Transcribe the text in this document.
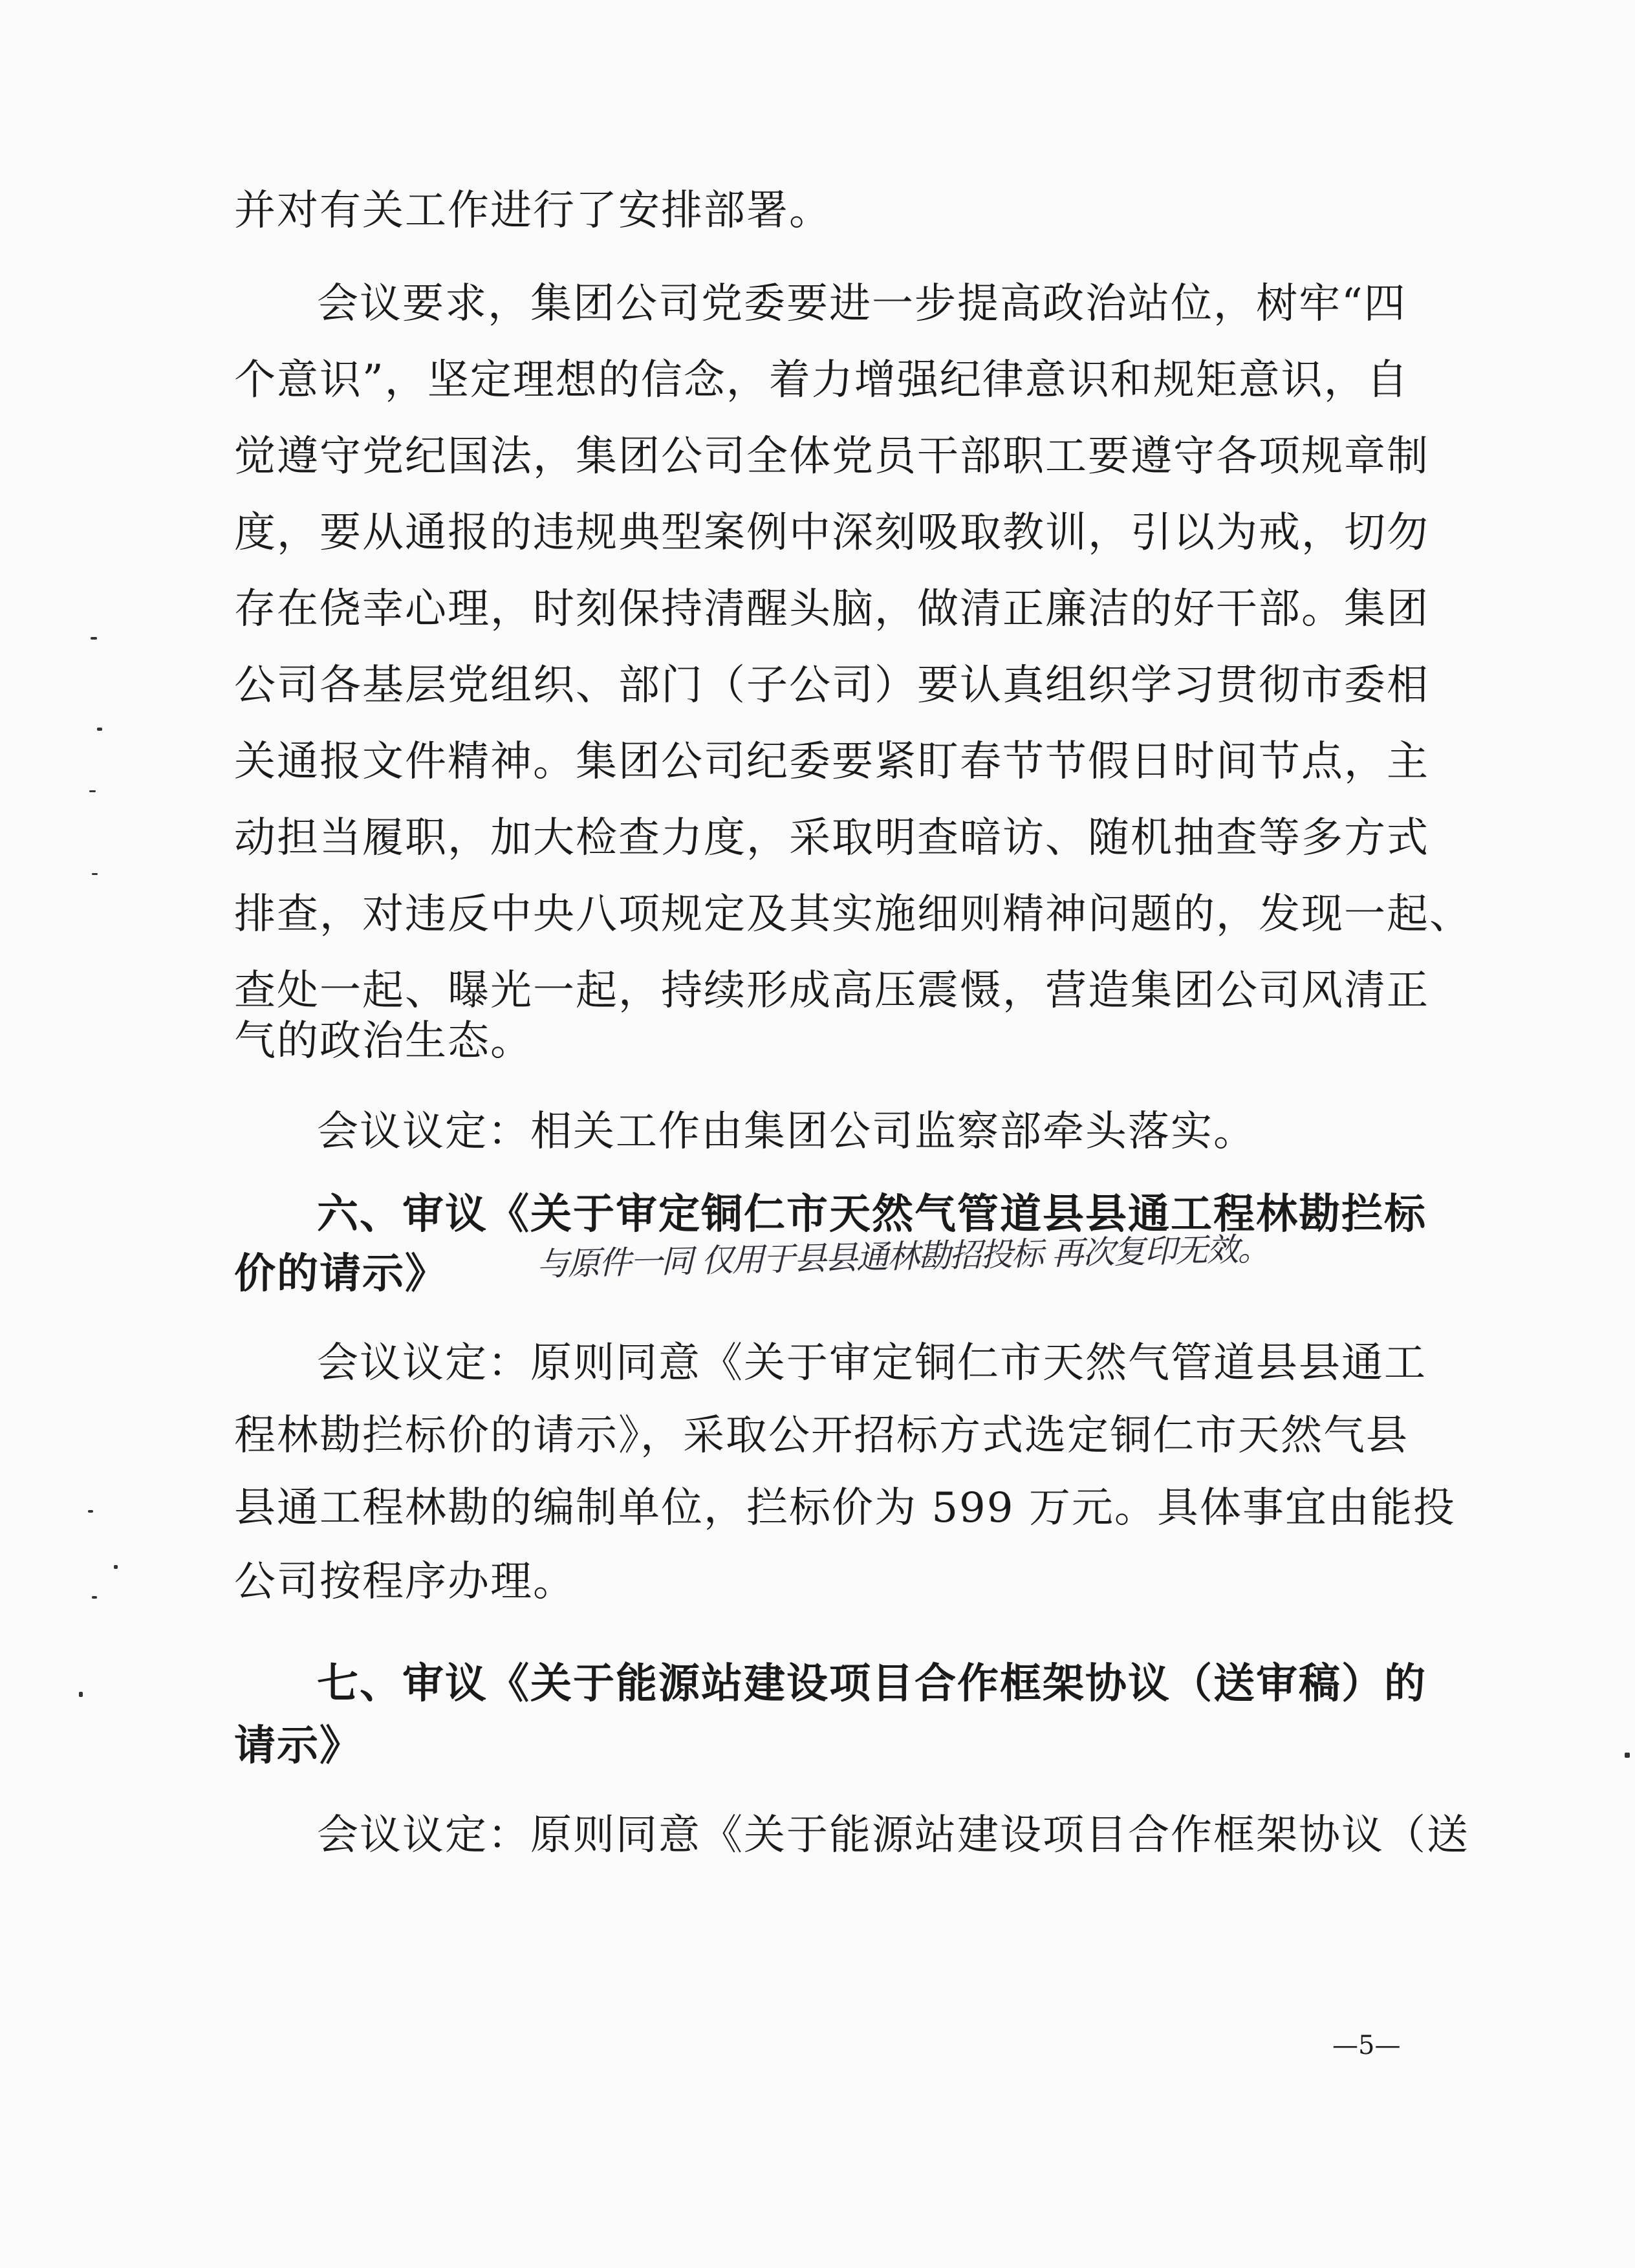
并对有关工作进行了安排部署。
会议要求，集团公司党委要进一步提高政治站位，树牢“四
个意识”，坚定理想的信念，着力增强纪律意识和规矩意识，自
觉遵守党纪国法，集团公司全体党员干部职工要遵守各项规章制
度，要从通报的违规典型案例中深刻吸取教训，引以为戒，切勿
存在侥幸心理，时刻保持清醒头脑，做清正廉洁的好干部。集团
公司各基层党组织、部门（子公司）要认真组织学习贯彻市委相
关通报文件精神。集团公司纪委要紧盯春节节假日时间节点，主
动担当履职，加大检查力度，采取明查暗访、随机抽查等多方式
排查，对违反中央八项规定及其实施细则精神问题的，发现一起、
查处一起、曝光一起，持续形成高压震慑，营造集团公司风清正
气的政治生态。
会议议定：相关工作由集团公司监察部牵头落实。
六、审议《关于审定铜仁市天然气管道县县通工程林勘拦标
价的请示》	与原件一同 仅用于县县通林勘招投标 再次复印无效。
会议议定：原则同意《关于审定铜仁市天然气管道县县通工
程林勘拦标价的请示》，采取公开招标方式选定铜仁市天然气县
县通工程林勘的编制单位，拦标价为 599 万元。具体事宜由能投
公司按程序办理。
七、审议《关于能源站建设项目合作框架协议（送审稿）的
请示》
会议议定：原则同意《关于能源站建设项目合作框架协议（送
—5—
